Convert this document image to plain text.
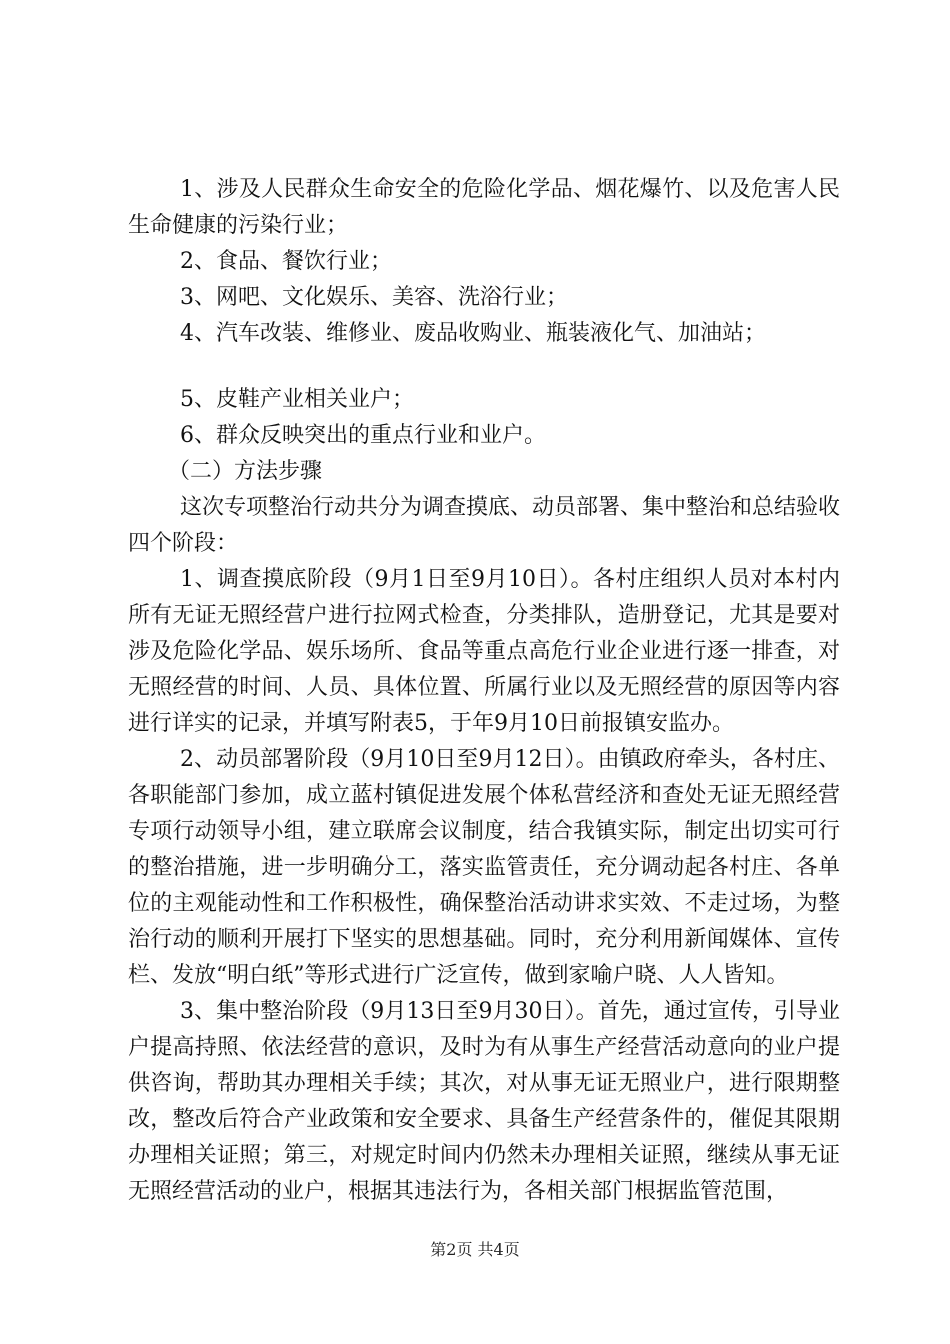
1、涉及人民群众生命安全的危险化学品、烟花爆竹、以及危害人民生命健康的污染行业；

2、食品、餐饮行业；

3、网吧、文化娱乐、美容、洗浴行业；

4、汽车改装、维修业、废品收购业、瓶装液化气、加油站；

5、皮鞋产业相关业户；

6、群众反映突出的重点行业和业户。

（二）方法步骤

这次专项整治行动共分为调查摸底、动员部署、集中整治和总结验收四个阶段：

1、调查摸底阶段（9月1日至9月10日）。各村庄组织人员对本村内所有无证无照经营户进行拉网式检查，分类排队，造册登记，尤其是要对涉及危险化学品、娱乐场所、食品等重点高危行业企业进行逐一排查，对无照经营的时间、人员、具体位置、所属行业以及无照经营的原因等内容进行详实的记录，并填写附表5，于年9月10日前报镇安监办。

2、动员部署阶段（9月10日至9月12日）。由镇政府牵头，各村庄、各职能部门参加，成立蓝村镇促进发展个体私营经济和查处无证无照经营专项行动领导小组，建立联席会议制度，结合我镇实际，制定出切实可行的整治措施，进一步明确分工，落实监管责任，充分调动起各村庄、各单位的主观能动性和工作积极性，确保整治活动讲求实效、不走过场，为整治行动的顺利开展打下坚实的思想基础。同时，充分利用新闻媒体、宣传栏、发放“明白纸”等形式进行广泛宣传，做到家喻户晓、人人皆知。

3、集中整治阶段（9月13日至9月30日）。首先，通过宣传，引导业户提高持照、依法经营的意识，及时为有从事生产经营活动意向的业户提供咨询，帮助其办理相关手续；其次，对从事无证无照业户，进行限期整改，整改后符合产业政策和安全要求、具备生产经营条件的，催促其限期办理相关证照；第三，对规定时间内仍然未办理相关证照，继续从事无证无照经营活动的业户，根据其违法行为，各相关部门根据监管范围，

第2页 共4页
